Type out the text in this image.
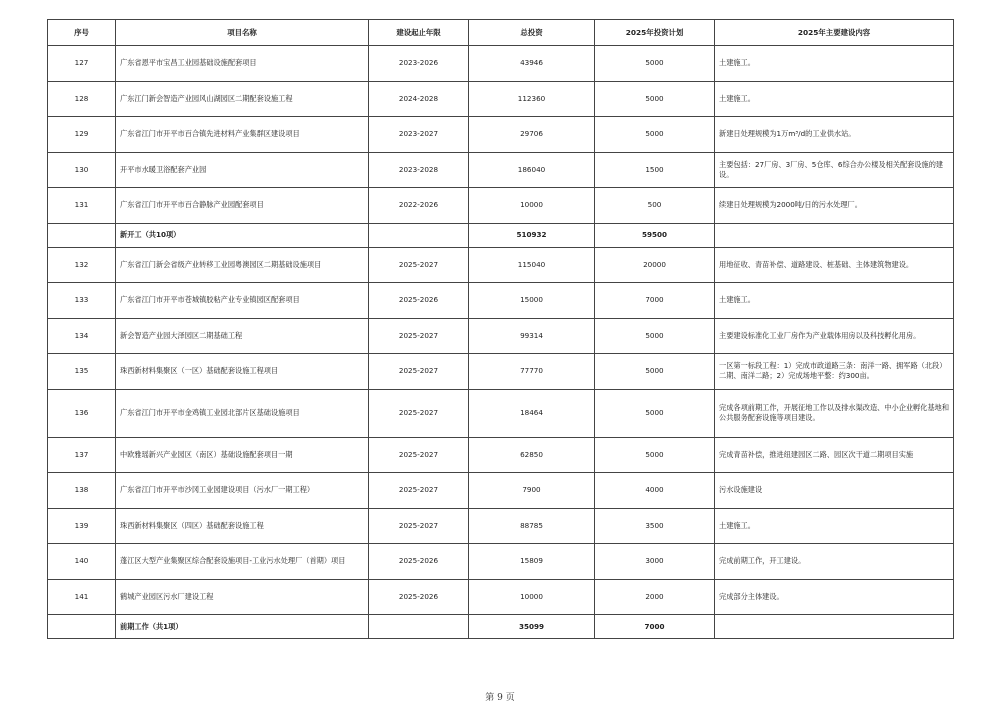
序号	项目名称	建设起止年限	总投资	2025年投资计划	2025年主要建设内容
127	广东省恩平市宝昌工业园基础设施配套项目	2023-2026	43946	5000	土建施工。
128	广东江门新会智造产业园风山湖园区二期配套设施工程	2024-2028	112360	5000	土建施工。
129	广东省江门市开平市百合镇先进材料产业集群区建设项目	2023-2027	29706	5000	新建日处理规模为1万m³/d的工业供水站。
130	开平市水暖卫浴配套产业园	2023-2028	186040	1500	主要包括：27厂房、3厂房、5仓库、6综合办公楼及相关配套设施的建设。
131	广东省江门市开平市百合静脉产业园配套项目	2022-2026	10000	500	续建日处理规模为2000吨/日的污水处理厂。
	新开工（共10项）		510932	59500	
132	广东省江门新会省级产业转移工业园粤澳园区二期基础设施项目	2025-2027	115040	20000	用地征收、青苗补偿、道路建设、桩基础、主体建筑物建设。
133	广东省江门市开平市苍城镇胶粘产业专业镇园区配套项目	2025-2026	15000	7000	土建施工。
134	新会智造产业园大泽园区二期基础工程	2025-2027	99314	5000	主要建设标准化工业厂房作为产业载体用房以及科技孵化用房。
135	珠西新材料集聚区（一区）基础配套设施工程项目	2025-2027	77770	5000	一区第一标段工程：1）完成市政道路三条：南洋一路、拥军路（北段）二期、南洋二路；2）完成场地平整：约300亩。
136	广东省江门市开平市金鸡镇工业园北部片区基础设施项目	2025-2027	18464	5000	完成各项前期工作，开展征地工作以及排水渠改造、中小企业孵化基地和公共服务配套设施等项目建设。
137	中欧雅瑶新兴产业园区（南区）基础设施配套项目一期	2025-2027	62850	5000	完成青苗补偿，推进纽建园区二路、园区次干道二期项目实施
138	广东省江门市开平市沙冈工业园建设项目（污水厂一期工程）	2025-2027	7900	4000	污水设施建设
139	珠西新材料集聚区（四区）基础配套设施工程	2025-2027	88785	3500	土建施工。
140	蓬江区大型产业集聚区综合配套设施项目-工业污水处理厂（首期）项目	2025-2026	15809	3000	完成前期工作，开工建设。
141	鹤城产业园区污水厂建设工程	2025-2026	10000	2000	完成部分主体建设。
	前期工作（共1项）		35099	7000	
第 9 页
